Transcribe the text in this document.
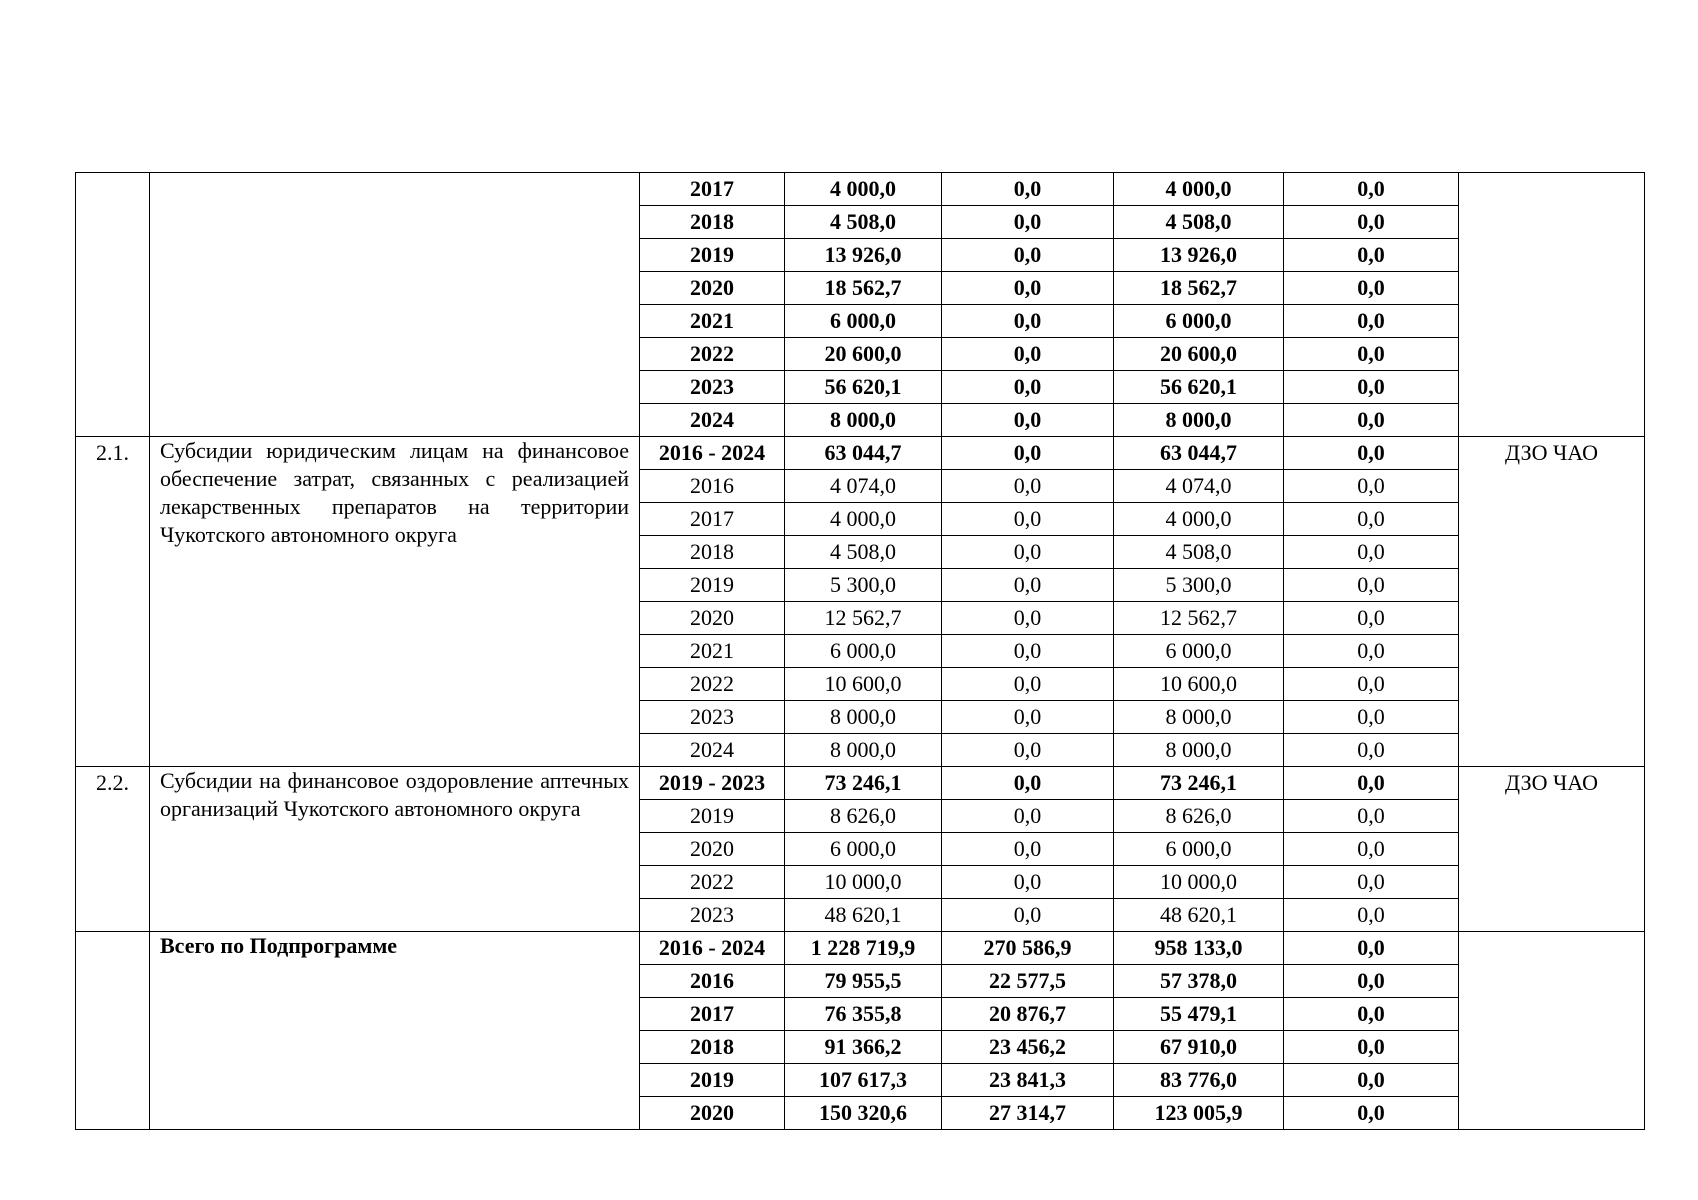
		2017	4 000,0	0,0	4 000,0	0,0	
		2018	4 508,0	0,0	4 508,0	0,0	
		2019	13 926,0	0,0	13 926,0	0,0	
		2020	18 562,7	0,0	18 562,7	0,0	
		2021	6 000,0	0,0	6 000,0	0,0	
		2022	20 600,0	0,0	20 600,0	0,0	
		2023	56 620,1	0,0	56 620,1	0,0	
		2024	8 000,0	0,0	8 000,0	0,0	
2.1.	Субсидии юридическим лицам на финансовое обеспечение затрат, связанных с реализацией лекарственных препаратов на территории Чукотского автономного округа	2016 - 2024	63 044,7	0,0	63 044,7	0,0	ДЗО ЧАО
		2016	4 074,0	0,0	4 074,0	0,0	
		2017	4 000,0	0,0	4 000,0	0,0	
		2018	4 508,0	0,0	4 508,0	0,0	
		2019	5 300,0	0,0	5 300,0	0,0	
		2020	12 562,7	0,0	12 562,7	0,0	
		2021	6 000,0	0,0	6 000,0	0,0	
		2022	10 600,0	0,0	10 600,0	0,0	
		2023	8 000,0	0,0	8 000,0	0,0	
		2024	8 000,0	0,0	8 000,0	0,0	
2.2.	Субсидии на финансовое оздоровление аптечных организаций Чукотского автономного округа	2019 - 2023	73 246,1	0,0	73 246,1	0,0	ДЗО ЧАО
		2019	8 626,0	0,0	8 626,0	0,0	
		2020	6 000,0	0,0	6 000,0	0,0	
		2022	10 000,0	0,0	10 000,0	0,0	
		2023	48 620,1	0,0	48 620,1	0,0	
	Всего по Подпрограмме	2016 - 2024	1 228 719,9	270 586,9	958 133,0	0,0	
		2016	79 955,5	22 577,5	57 378,0	0,0	
		2017	76 355,8	20 876,7	55 479,1	0,0	
		2018	91 366,2	23 456,2	67 910,0	0,0	
		2019	107 617,3	23 841,3	83 776,0	0,0	
		2020	150 320,6	27 314,7	123 005,9	0,0	
